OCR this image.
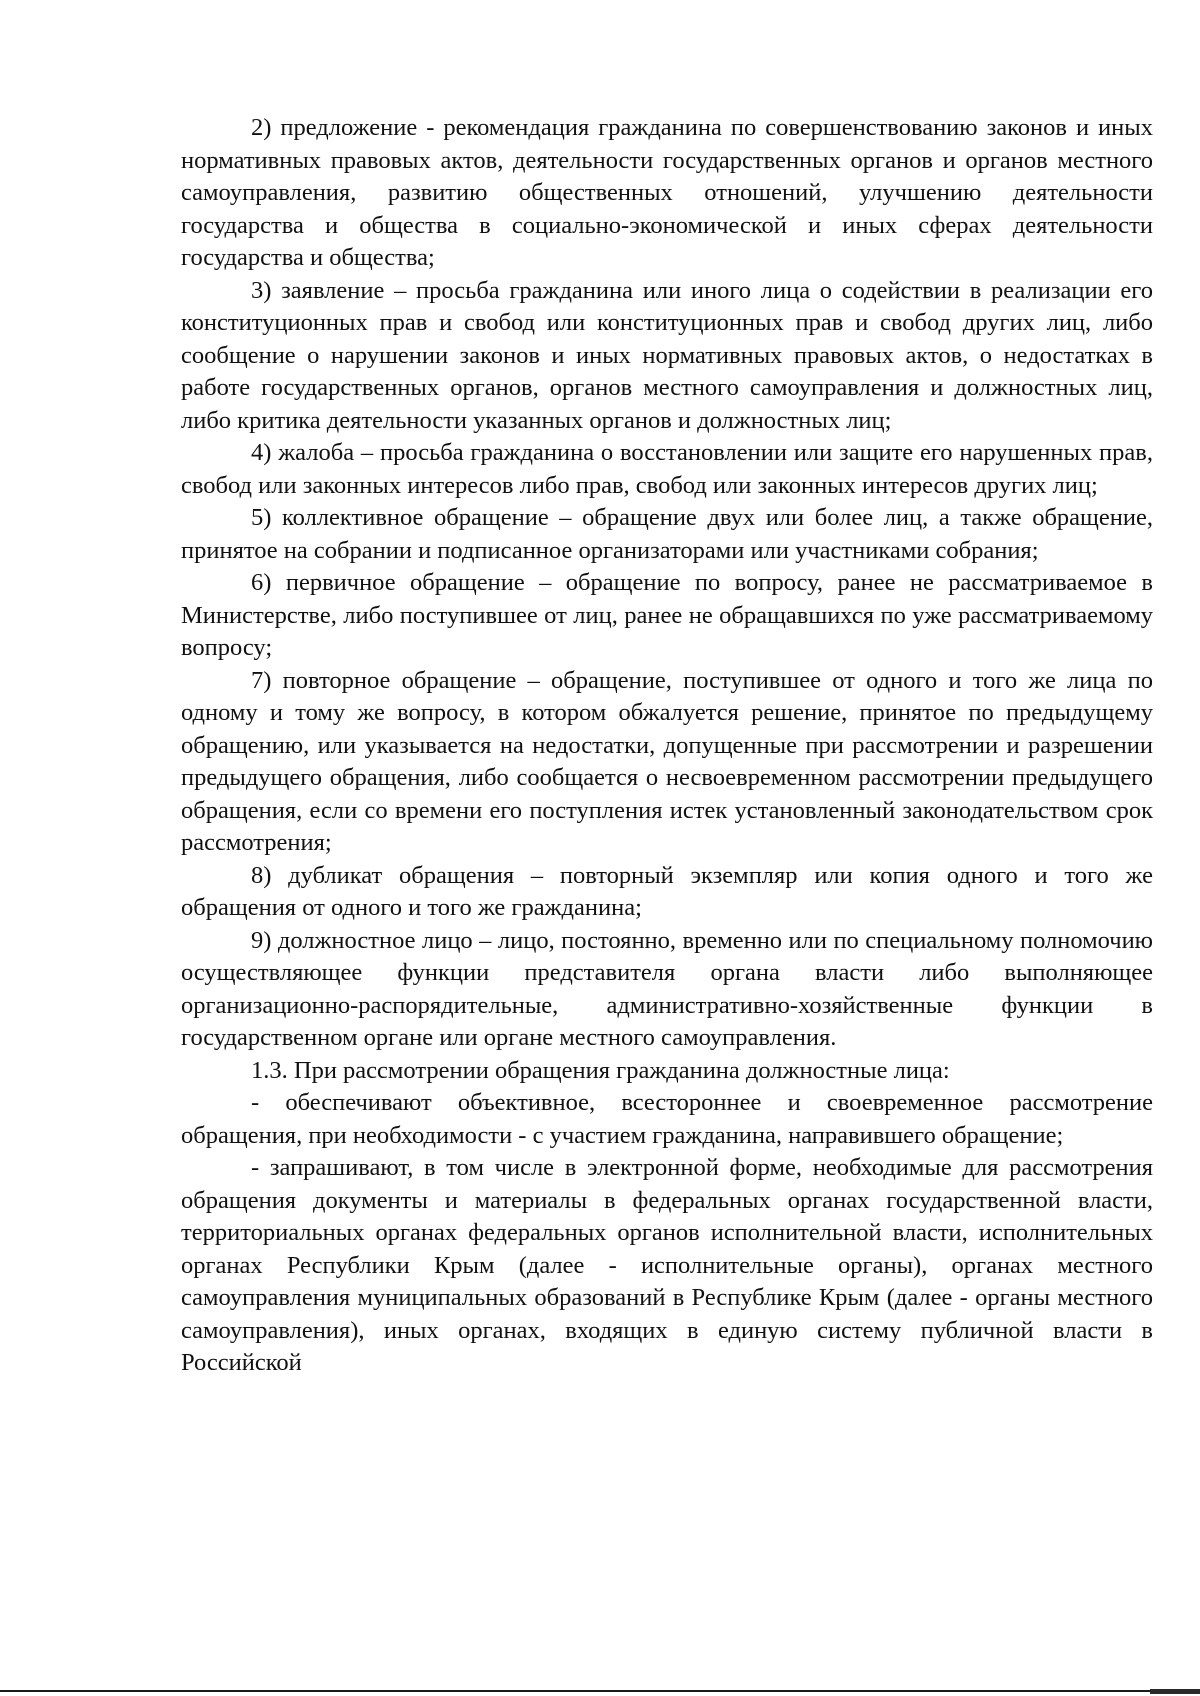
2) предложение - рекомендация гражданина по совершенствованию законов и иных нормативных правовых актов, деятельности государственных органов и органов местного самоуправления, развитию общественных отношений, улучшению деятельности государства и общества в социально-экономической и иных сферах деятельности государства и общества;

3) заявление – просьба гражданина или иного лица о содействии в реализации его конституционных прав и свобод или конституционных прав и свобод других лиц, либо сообщение о нарушении законов и иных нормативных правовых актов, о недостатках в работе государственных органов, органов местного самоуправления и должностных лиц, либо критика деятельности указанных органов и должностных лиц;

4) жалоба – просьба гражданина о восстановлении или защите его нарушенных прав, свобод или законных интересов либо прав, свобод или законных интересов других лиц;

5) коллективное обращение – обращение двух или более лиц, а также обращение, принятое на собрании и подписанное организаторами или участниками собрания;

6) первичное обращение – обращение по вопросу, ранее не рассматриваемое в Министерстве, либо поступившее от лиц, ранее не обращавшихся по уже рассматриваемому вопросу;

7) повторное обращение – обращение, поступившее от одного и того же лица по одному и тому же вопросу, в котором обжалуется решение, принятое по предыдущему обращению, или указывается на недостатки, допущенные при рассмотрении и разрешении предыдущего обращения, либо сообщается о несвоевременном рассмотрении предыдущего обращения, если со времени его поступления истек установленный законодательством срок рассмотрения;

8) дубликат обращения – повторный экземпляр или копия одного и того же обращения от одного и того же гражданина;

9) должностное лицо – лицо, постоянно, временно или по специальному полномочию осуществляющее функции представителя органа власти либо выполняющее организационно-распорядительные, административно-хозяйственные функции в государственном органе или органе местного самоуправления.

1.3. При рассмотрении обращения гражданина должностные лица:

- обеспечивают объективное, всестороннее и своевременное рассмотрение обращения, при необходимости - с участием гражданина, направившего обращение;

- запрашивают, в том числе в электронной форме, необходимые для рассмотрения обращения документы и материалы в федеральных органах государственной власти, территориальных органах федеральных органов исполнительной власти, исполнительных органах Республики Крым (далее - исполнительные органы), органах местного самоуправления муниципальных образований в Республике Крым (далее - органы местного самоуправления), иных органах, входящих в единую систему публичной власти в Российской
